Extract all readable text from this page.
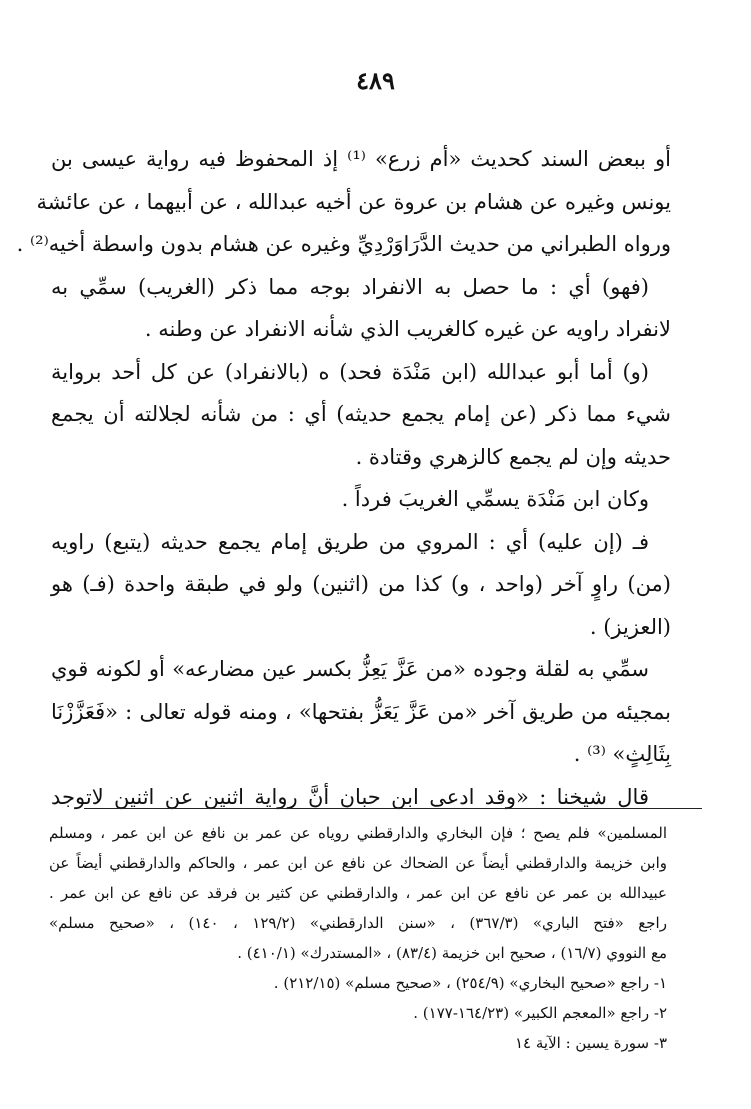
٤٨٩
أو ببعض السند كحديث «أم زرع» ⁽¹⁾ إذ المحفوظ فيه رواية عيسى بن
يونس وغيره عن هشام بن عروة عن أخيه عبدالله ، عن أبيهما ، عن عائشة
ورواه الطبراني من حديث الدَّرَاوَرْدِيِّ وغيره عن هشام بدون واسطة أخيه⁽²⁾ .
(فهو) أي : ما حصل به الانفراد بوجه مما ذكر (الغريب) سمِّي به
لانفراد راويه عن غيره كالغريب الذي شأنه الانفراد عن وطنه .
(و) أما أبو عبدالله (ابن مَنْدَة فحد) ه (بالانفراد) عن كل أحد برواية
شيء مما ذكر (عن إمام يجمع حديثه) أي : من شأنه لجلالته أن يجمع
حديثه وإن لم يجمع كالزهري وقتادة .
وكان ابن مَنْدَة يسمِّي الغريبَ فرداً .
فـ (إن عليه) أي : المروي من طريق إمام يجمع حديثه (يتبع) راويه
(من) راوٍ آخر (واحد ، و) كذا من (اثنين) ولو في طبقة واحدة (فـ) هو
(العزيز) .
سمِّي به لقلة وجوده «من عَزَّ يَعِزُّ بكسر عين مضارعه» أو لكونه قوي
بمجيئه من طريق آخر «من عَزَّ يَعَزُّ بفتحها» ، ومنه قوله تعالى : «فَعَزَّزْنَا
بِثَالِثٍ» ⁽³⁾ .
قال شيخنا : «وقد ادعى ابن حبان أنَّ رواية اثنين عن اثنين لاتوجد
المسلمين» فلم يصح ؛ فإن البخاري والدارقطني روياه عن عمر بن نافع عن ابن عمر ، ومسلم
وابن خزيمة والدارقطني أيضاً عن الضحاك عن نافع عن ابن عمر ، والحاكم والدارقطني أيضاً عن
عبيدالله بن عمر عن نافع عن ابن عمر ، والدارقطني عن كثير بن فرقد عن نافع عن ابن عمر .
راجع «فتح الباري» (٣٦٧/٣) ، «سنن الدارقطني» (١٢٩/٢ ، ١٤٠) ، «صحيح مسلم»
مع النووي (١٦/٧) ، صحيح ابن خزيمة (٨٣/٤) ، «المستدرك» (٤١٠/١) .
١- راجع «صحيح البخاري» (٢٥٤/٩) ، «صحيح مسلم» (٢١٢/١٥) .
٢- راجع «المعجم الكبير» (١٦٤/٢٣-١٧٧) .
٣- سورة يسين : الآية ١٤
